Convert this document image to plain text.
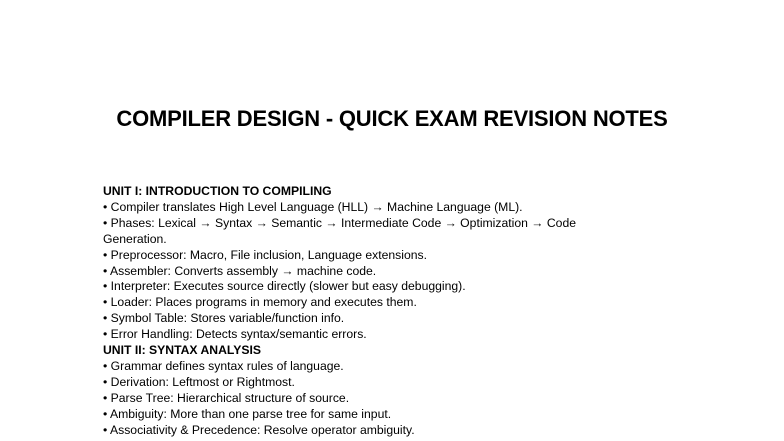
COMPILER DESIGN - QUICK EXAM REVISION NOTES
UNIT I: INTRODUCTION TO COMPILING
• Compiler translates High Level Language (HLL) → Machine Language (ML).
• Phases: Lexical → Syntax → Semantic → Intermediate Code → Optimization → Code Generation.
• Preprocessor: Macro, File inclusion, Language extensions.
• Assembler: Converts assembly → machine code.
• Interpreter: Executes source directly (slower but easy debugging).
• Loader: Places programs in memory and executes them.
• Symbol Table: Stores variable/function info.
• Error Handling: Detects syntax/semantic errors.
UNIT II: SYNTAX ANALYSIS
• Grammar defines syntax rules of language.
• Derivation: Leftmost or Rightmost.
• Parse Tree: Hierarchical structure of source.
• Ambiguity: More than one parse tree for same input.
• Associativity & Precedence: Resolve operator ambiguity.
